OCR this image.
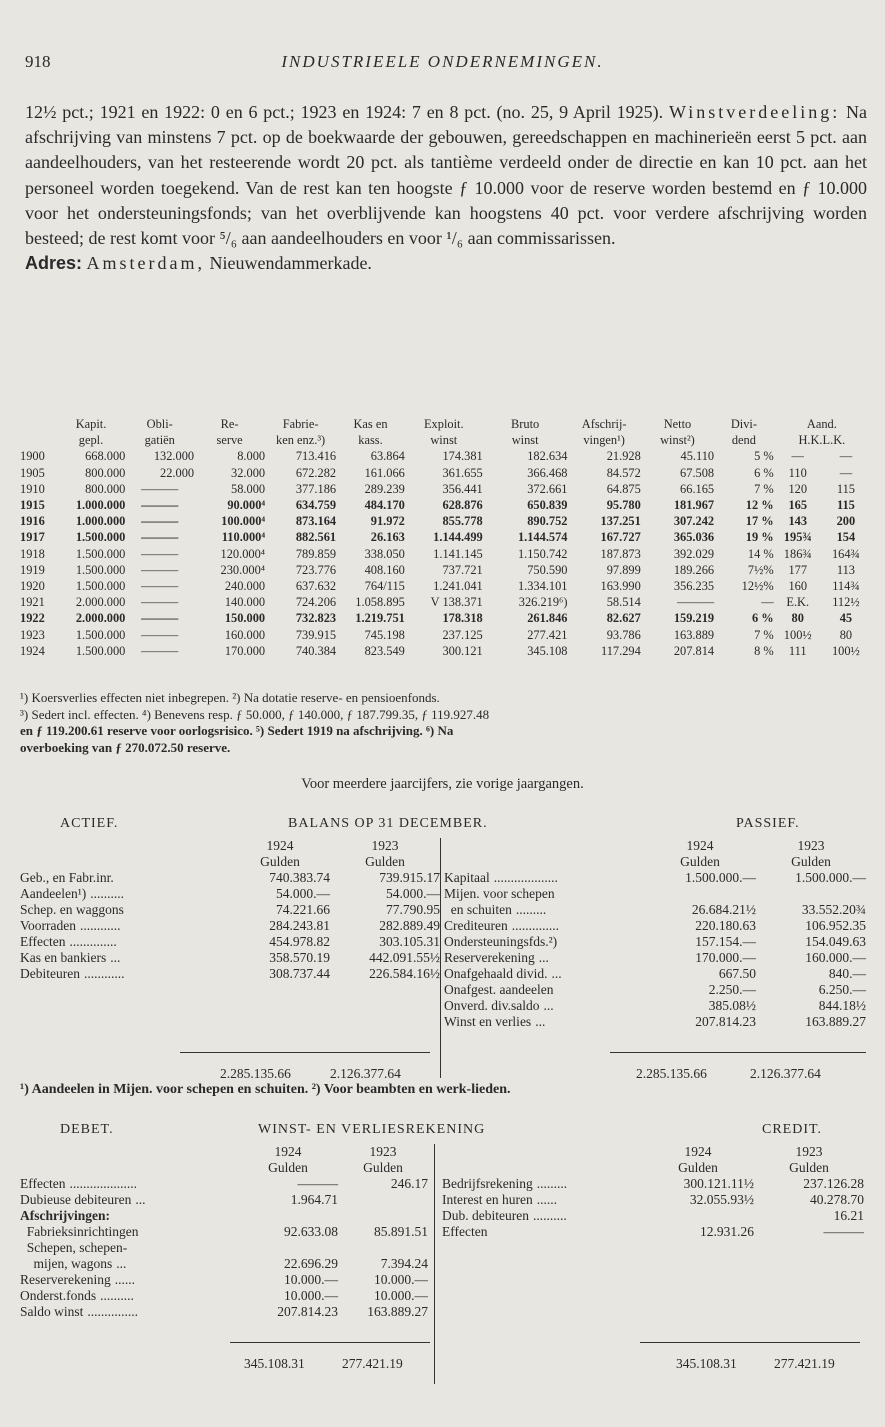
918	INDUSTRIEELE ONDERNEMINGEN.
12½ pct.; 1921 en 1922: 0 en 6 pct.; 1923 en 1924: 7 en 8 pct. (no. 25, 9 April 1925). Winstverdeeling: Na afschrijving van minstens 7 pct. op de boekwaarde der gebouwen, gereedschappen en machinerieën eerst 5 pct. aan aandeelhouders, van het resteerende wordt 20 pct. als tantième verdeeld onder de directie en kan 10 pct. aan het personeel worden toegekend. Van de rest kan ten hoogste ƒ 10.000 voor de reserve worden bestemd en ƒ 10.000 voor het ondersteuningsfonds; van het overblijvende kan hoogstens 40 pct. voor verdere afschrijving worden besteed; de rest komt voor ⁵/₆ aan aandeelhouders en voor ¹/₆ aan commissarissen.
Adres: Amsterdam, Nieuwendammerkade.
	Kapit.	Obli-	Re-	Fabrie-	Kas en	Exploit.	Bruto	Afschrij-	Netto	Divi-	Aand.	
	gepl.	gatiën	serve	ken enz.³)	kass.	winst	winst	vingen¹)	winst²)	dend	H.K.L.K.	
1900	668.000	132.000	8.000	713.416	63.864	174.381	182.634	21.928	45.110	5 %	—	—
1905	800.000	22.000	32.000	672.282	161.066	361.655	366.468	84.572	67.508	6 %	110	—
1910	800.000	———	58.000	377.186	289.239	356.441	372.661	64.875	66.165	7 %	120	115
1915	1.000.000	———	90.000⁴	634.759	484.170	628.876	650.839	95.780	181.967	12 %	165	115
1916	1.000.000	———	100.000⁴	873.164	91.972	855.778	890.752	137.251	307.242	17 %	143	200
1917	1.500.000	———	110.000⁴	882.561	26.163	1.144.499	1.144.574	167.727	365.036	19 %	195¾	154
1918	1.500.000	———	120.000⁴	789.859	338.050	1.141.145	1.150.742	187.873	392.029	14 %	186¾	164¾
1919	1.500.000	———	230.000⁴	723.776	408.160	737.721	750.590	97.899	189.266	7½%	177	113
1920	1.500.000	———	240.000	637.632	764/115	1.241.041	1.334.101	163.990	356.235	12½%	160	114¾
1921	2.000.000	———	140.000	724.206	1.058.895	V 138.371	326.219⁶)	58.514	———	—	E.K.	112½
1922	2.000.000	———	150.000	732.823	1.219.751	178.318	261.846	82.627	159.219	6 %	80	45
1923	1.500.000	———	160.000	739.915	745.198	237.125	277.421	93.786	163.889	7 %	100½	80
1924	1.500.000	———	170.000	740.384	823.549	300.121	345.108	117.294	207.814	8 %	111	100½
¹) Koersverlies effecten niet inbegrepen. ²) Na dotatie reserve- en pensioenfonds.
³) Sedert incl. effecten. ⁴) Benevens resp. ƒ 50.000, ƒ 140.000, ƒ 187.799.35, ƒ 119.927.48
en ƒ 119.200.61 reserve voor oorlogsrisico. ⁵) Sedert 1919 na afschrijving. ⁶) Na
overboeking van ƒ 270.072.50 reserve.
Voor meerdere jaarcijfers, zie vorige jaargangen.
ACTIEF.	BALANS OP 31 DECEMBER.	PASSIEF.
	1924	1923
	Gulden	Gulden
Geb., en Fabr.inr.	740.383.74	739.915.17
Aandeelen¹) ..........	54.000.—	54.000.—
Schep. en waggons	74.221.66	77.790.95
Voorraden ............	284.243.81	282.889.49
Effecten ..............	454.978.82	303.105.31
Kas en bankiers ...	358.570.19	442.091.55½
Debiteuren ............	308.737.44	226.584.16½
	1924	1923
	Gulden	Gulden
Kapitaal ...................	1.500.000.—	1.500.000.—
Mijen. voor schepen		
en schuiten .........	26.684.21½	33.552.20¾
Crediteuren ..............	220.180.63	106.952.35
Ondersteuningsfds.²)	157.154.—	154.049.63
Reserverekening ...	170.000.—	160.000.—
Onafgehaald divid. ...	667.50	840.—
Onafgest. aandeelen	2.250.—	6.250.—
Onverd. div.saldo ...	385.08½	844.18½
Winst en verlies ...	207.814.23	163.889.27
2.285.135.66	2.126.377.64	2.285.135.66	2.126.377.64
¹) Aandeelen in Mijen. voor schepen en schuiten. ²) Voor beambten en werk-lieden.
DEBET.	WINST- EN VERLIESREKENING	CREDIT.
	1924	1923
	Gulden	Gulden
Effecten ....................	———	246.17
Dubieuse debiteuren ...	1.964.71	
Afschrijvingen:		
Fabrieksinrichtingen	92.633.08	85.891.51
Schepen, schepen-		
mijen, wagons ...	22.696.29	7.394.24
Reserverekening ......	10.000.—	10.000.—
Onderst.fonds ..........	10.000.—	10.000.—
Saldo winst ...............	207.814.23	163.889.27
	1924	1923
	Gulden	Gulden
Bedrijfsrekening .........	300.121.11½	237.126.28
Interest en huren ......	32.055.93½	40.278.70
Dub. debiteuren ..........		16.21
Effecten	12.931.26	———
345.108.31	277.421.19	345.108.31	277.421.19
